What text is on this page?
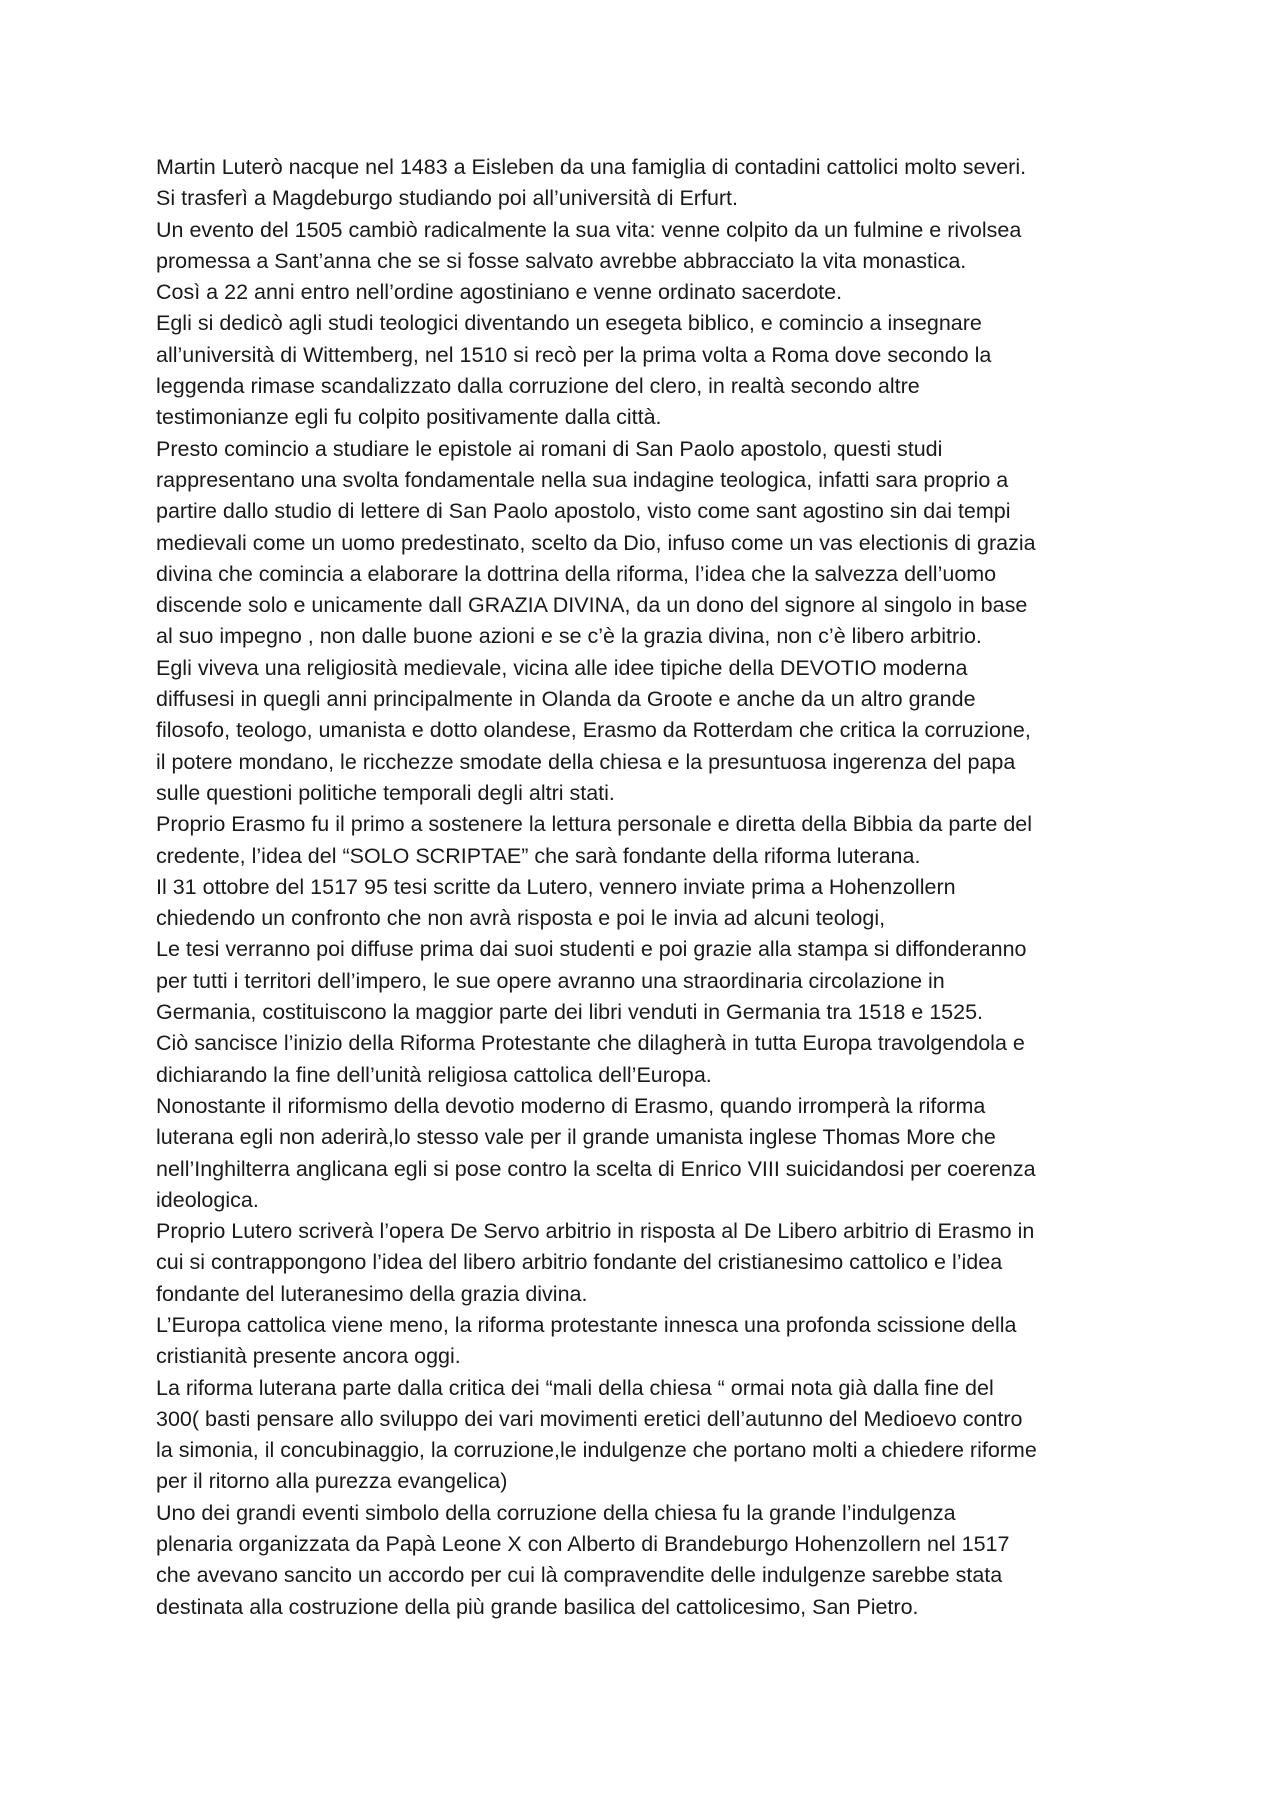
Martin Luterò nacque nel 1483 a Eisleben da una famiglia di contadini cattolici molto severi.
Si trasferì a Magdeburgo studiando poi all’università di Erfurt.
Un evento del 1505 cambiò radicalmente la sua vita: venne colpito da un fulmine e rivolsea
promessa a Sant’anna che se si fosse salvato avrebbe abbracciato la vita monastica.
Così a 22 anni entro nell’ordine agostiniano e venne ordinato sacerdote.
Egli si dedicò agli studi teologici diventando un esegeta biblico, e comincio a insegnare
all’università di Wittemberg, nel 1510 si recò per la prima volta a Roma dove secondo la
leggenda rimase scandalizzato dalla corruzione del clero, in realtà secondo altre
testimonianze egli fu colpito positivamente dalla città.
Presto comincio a studiare le epistole ai romani di San Paolo apostolo, questi studi
rappresentano una svolta fondamentale nella sua indagine teologica, infatti sara proprio a
partire dallo studio di lettere di San Paolo apostolo, visto come sant agostino sin dai tempi
medievali come un uomo predestinato, scelto da Dio, infuso come un vas electionis di grazia
divina che comincia a elaborare la dottrina della riforma, l’idea che la salvezza dell’uomo
discende solo e unicamente dall GRAZIA DIVINA, da un dono del signore al singolo in base
al suo impegno , non dalle buone azioni e se c’è la grazia divina, non c’è libero arbitrio.
Egli viveva una religiosità medievale, vicina alle idee tipiche della DEVOTIO moderna
diffusesi in quegli anni principalmente in Olanda da Groote e anche da un altro grande
filosofo, teologo, umanista e dotto olandese, Erasmo da Rotterdam che critica la corruzione,
il potere mondano, le ricchezze smodate della chiesa e la presuntuosa ingerenza del papa
sulle questioni politiche temporali degli altri stati.
Proprio Erasmo fu il primo a sostenere la lettura personale e diretta della Bibbia da parte del
credente, l’idea del “SOLO SCRIPTAE” che sarà fondante della riforma luterana.
Il 31 ottobre del 1517 95 tesi scritte da Lutero, vennero inviate prima a Hohenzollern
chiedendo un confronto che non avrà risposta e poi le invia ad alcuni teologi,
Le tesi verranno poi diffuse prima dai suoi studenti e poi grazie alla stampa si diffonderanno
per tutti i territori dell’impero, le sue opere avranno una straordinaria circolazione in
Germania, costituiscono la maggior parte dei libri venduti in Germania tra 1518 e 1525.
Ciò sancisce l’inizio della Riforma Protestante che dilagherà in tutta Europa travolgendola e
dichiarando la fine dell’unità religiosa cattolica dell’Europa.
Nonostante il riformismo della devotio moderno di Erasmo, quando irromperà la riforma
luterana egli non aderirà,lo stesso vale per il grande umanista inglese Thomas More che
nell’Inghilterra anglicana egli si pose contro la scelta di Enrico VIII suicidandosi per coerenza
ideologica.
Proprio Lutero scriverà l’opera De Servo arbitrio in risposta al De Libero arbitrio di Erasmo in
cui si contrappongono l’idea del libero arbitrio fondante del cristianesimo cattolico e l’idea
fondante del luteranesimo della grazia divina.
L’Europa cattolica viene meno, la riforma protestante innesca una profonda scissione della
cristianità presente ancora oggi.
La riforma luterana parte dalla critica dei “mali della chiesa “ ormai nota già dalla fine del
300( basti pensare allo sviluppo dei vari movimenti eretici dell’autunno del Medioevo contro
la simonia, il concubinaggio, la corruzione,le indulgenze che portano molti a chiedere riforme
per il ritorno alla purezza evangelica)
Uno dei grandi eventi simbolo della corruzione della chiesa fu la grande l’indulgenza
plenaria organizzata da Papà Leone X con Alberto di Brandeburgo Hohenzollern nel 1517
che avevano sancito un accordo per cui là compravendite delle indulgenze sarebbe stata
destinata alla costruzione della più grande basilica del cattolicesimo, San Pietro.
